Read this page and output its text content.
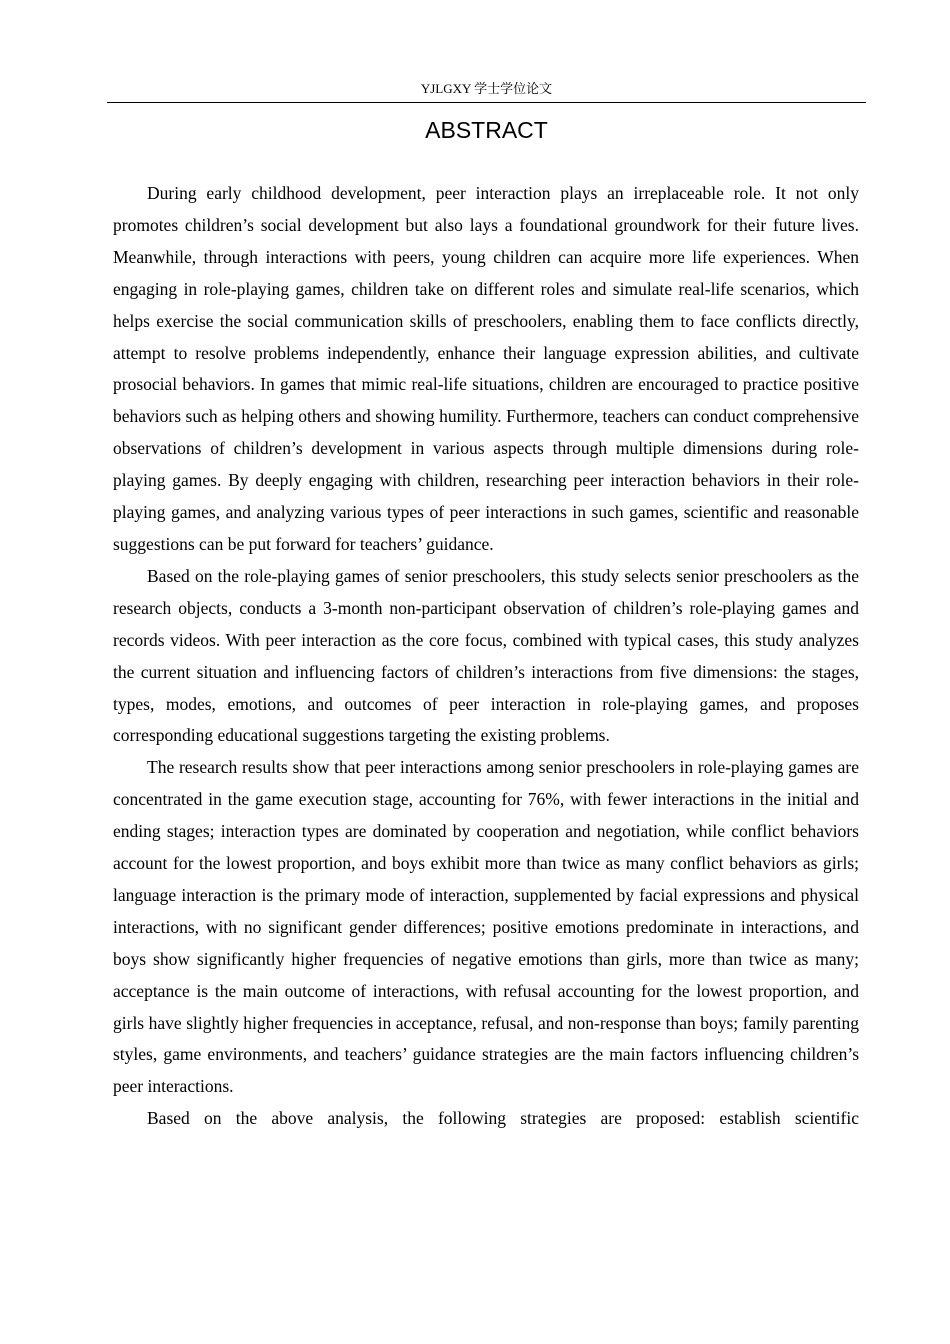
YJLGXY 学士学位论文
ABSTRACT

During early childhood development, peer interaction plays an irreplaceable role. It not only promotes children’s social development but also lays a foundational groundwork for their future lives. Meanwhile, through interactions with peers, young children can acquire more life experiences. When engaging in role-playing games, children take on different roles and simulate real-life scenarios, which helps exercise the social communication skills of preschoolers, enabling them to face conflicts directly, attempt to resolve problems independently, enhance their language expression abilities, and cultivate prosocial behaviors. In games that mimic real-life situations, children are encouraged to practice positive behaviors such as helping others and showing humility. Furthermore, teachers can conduct comprehensive observations of children’s development in various aspects through multiple dimensions during role-playing games. By deeply engaging with children, researching peer interaction behaviors in their role-playing games, and analyzing various types of peer interactions in such games, scientific and reasonable suggestions can be put forward for teachers’ guidance.

Based on the role-playing games of senior preschoolers, this study selects senior preschoolers as the research objects, conducts a 3-month non-participant observation of children’s role-playing games and records videos. With peer interaction as the core focus, combined with typical cases, this study analyzes the current situation and influencing factors of children’s interactions from five dimensions: the stages, types, modes, emotions, and outcomes of peer interaction in role-playing games, and proposes corresponding educational suggestions targeting the existing problems.

The research results show that peer interactions among senior preschoolers in role-playing games are concentrated in the game execution stage, accounting for 76%, with fewer interactions in the initial and ending stages; interaction types are dominated by cooperation and negotiation, while conflict behaviors account for the lowest proportion, and boys exhibit more than twice as many conflict behaviors as girls; language interaction is the primary mode of interaction, supplemented by facial expressions and physical interactions, with no significant gender differences; positive emotions predominate in interactions, and boys show significantly higher frequencies of negative emotions than girls, more than twice as many; acceptance is the main outcome of interactions, with refusal accounting for the lowest proportion, and girls have slightly higher frequencies in acceptance, refusal, and non-response than boys; family parenting styles, game environments, and teachers’ guidance strategies are the main factors influencing children’s peer interactions.

Based on the above analysis, the following strategies are proposed: establish scientific
